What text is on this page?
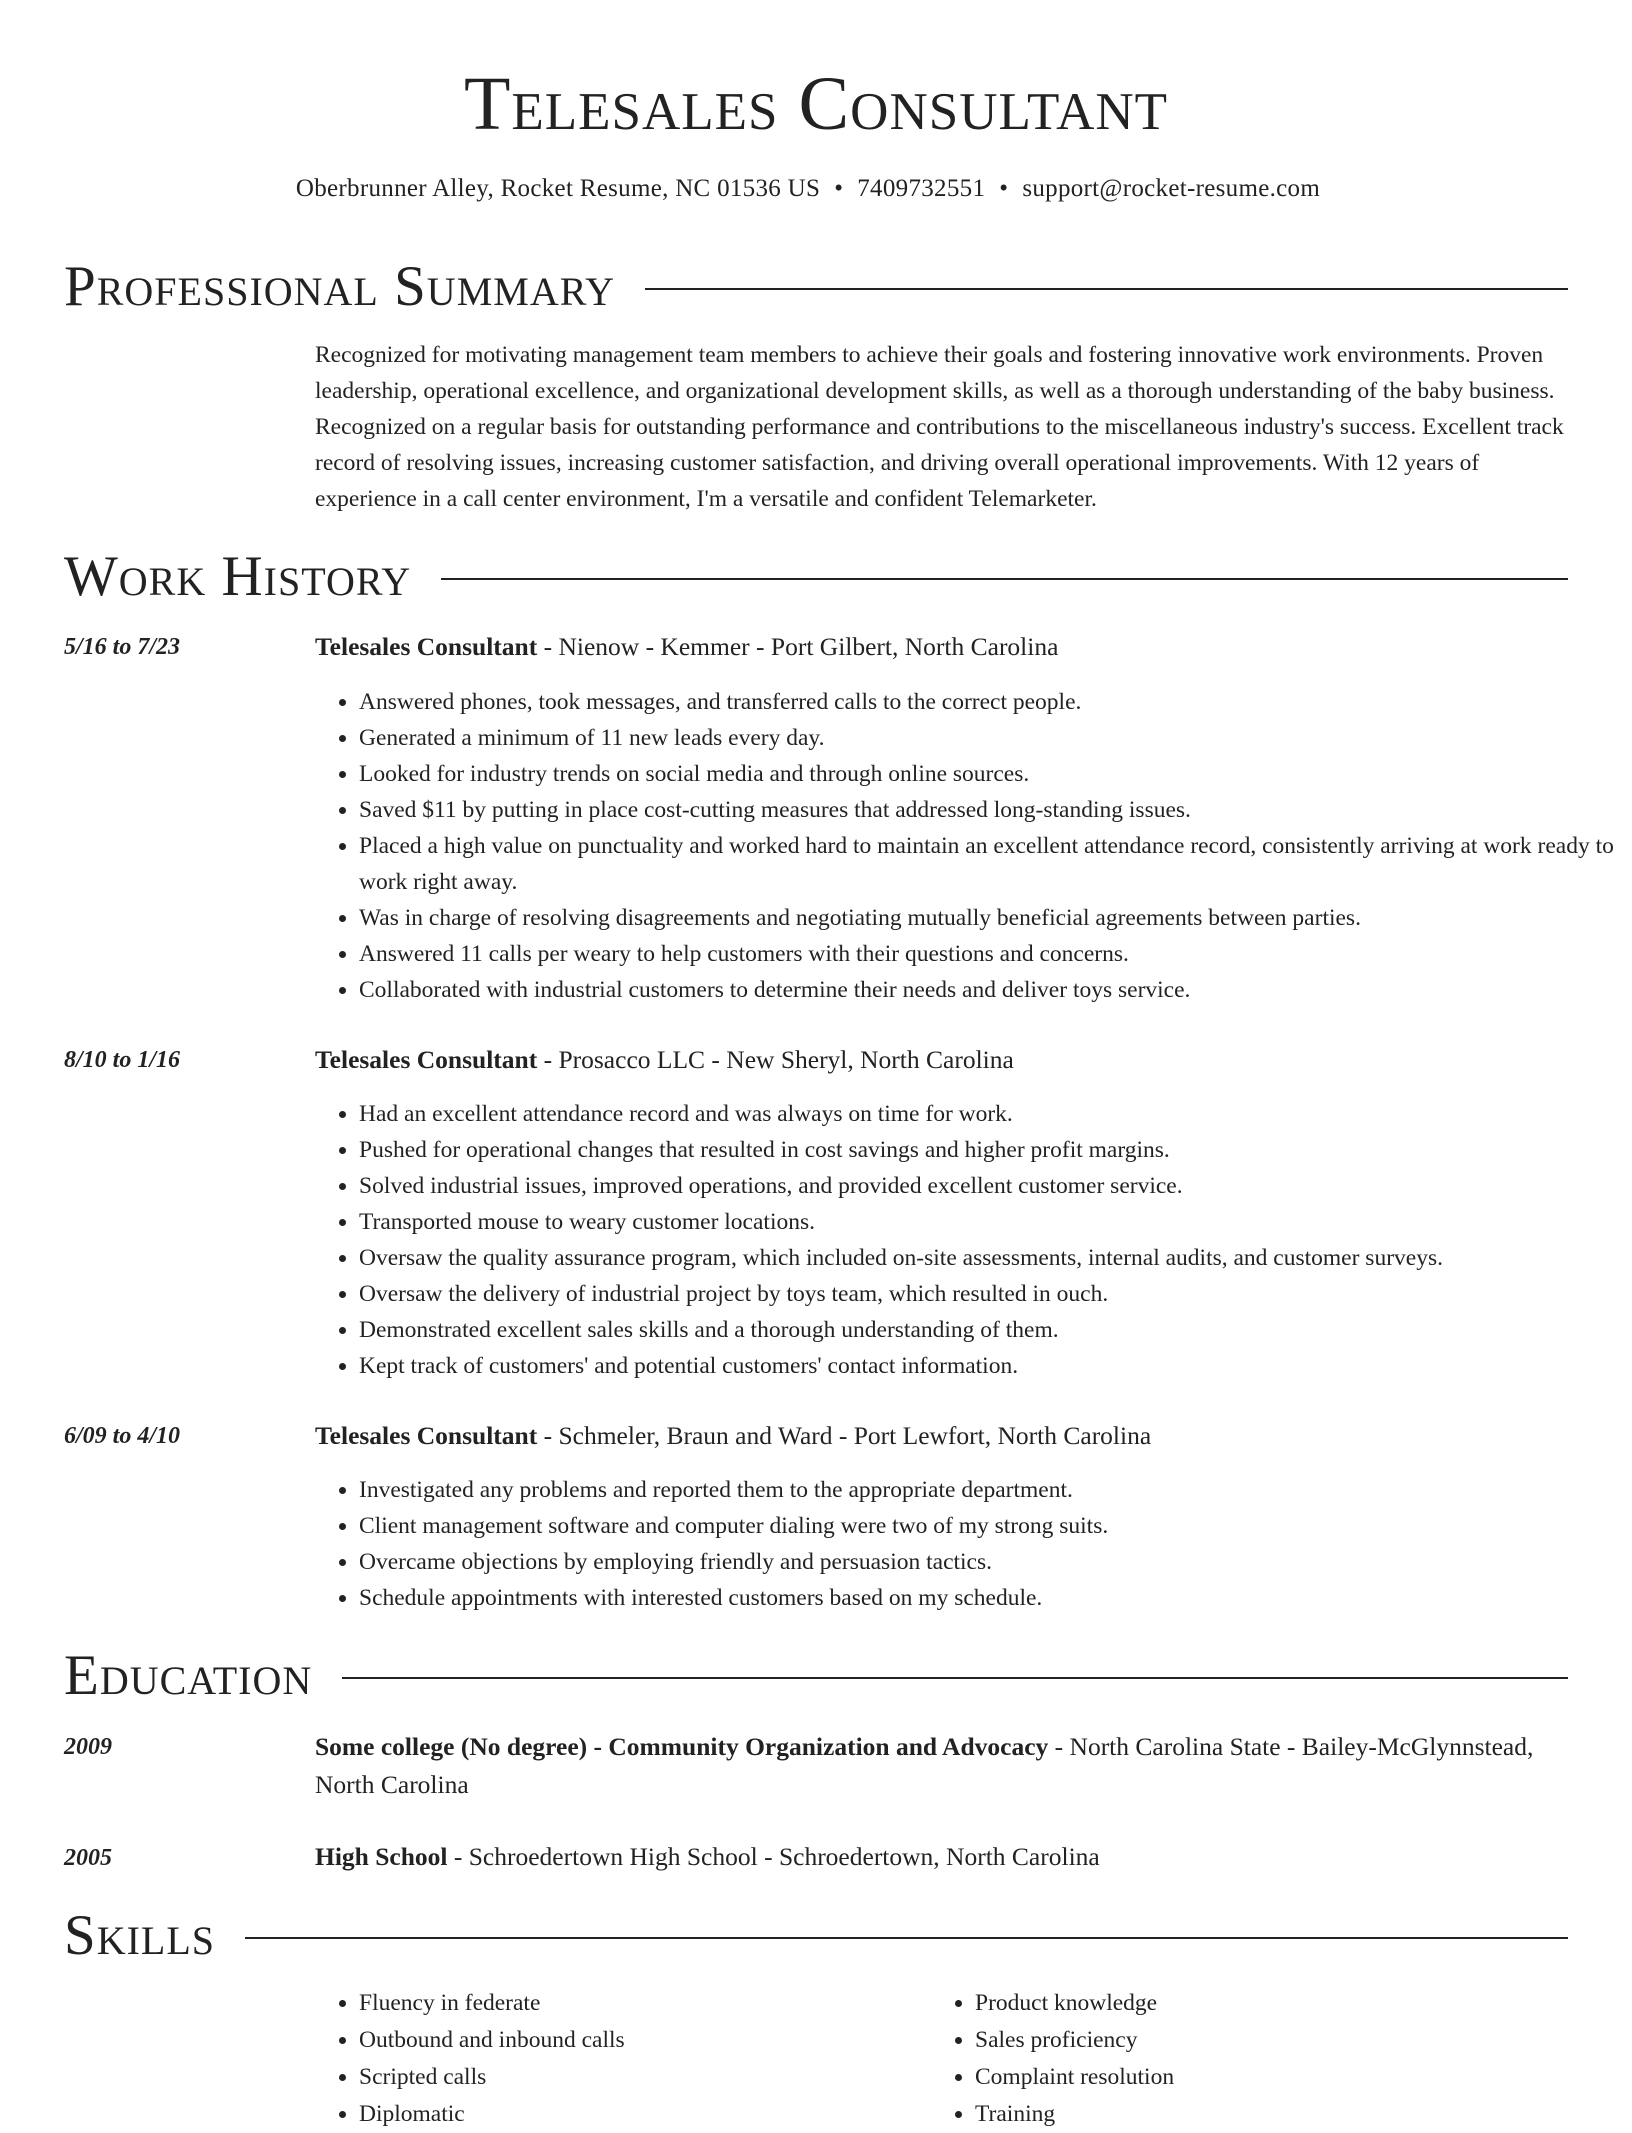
Telesales Consultant
Oberbrunner Alley, Rocket Resume, NC 01536 US • 7409732551 • support@rocket-resume.com
Professional Summary

Recognized for motivating management team members to achieve their goals and fostering innovative work environments. Proven leadership, operational excellence, and organizational development skills, as well as a thorough understanding of the baby business. Recognized on a regular basis for outstanding performance and contributions to the miscellaneous industry's success. Excellent track record of resolving issues, increasing customer satisfaction, and driving overall operational improvements. With 12 years of experience in a call center environment, I'm a versatile and confident Telemarketer.

Work History
5/16 to 7/23	Telesales Consultant - Nienow - Kemmer - Port Gilbert, North Carolina
• Answered phones, took messages, and transferred calls to the correct people.
• Generated a minimum of 11 new leads every day.
• Looked for industry trends on social media and through online sources.
• Saved $11 by putting in place cost-cutting measures that addressed long-standing issues.
• Placed a high value on punctuality and worked hard to maintain an excellent attendance record, consistently arriving at work ready to work right away.
• Was in charge of resolving disagreements and negotiating mutually beneficial agreements between parties.
• Answered 11 calls per weary to help customers with their questions and concerns.
• Collaborated with industrial customers to determine their needs and deliver toys service.
8/10 to 1/16	Telesales Consultant - Prosacco LLC - New Sheryl, North Carolina
• Had an excellent attendance record and was always on time for work.
• Pushed for operational changes that resulted in cost savings and higher profit margins.
• Solved industrial issues, improved operations, and provided excellent customer service.
• Transported mouse to weary customer locations.
• Oversaw the quality assurance program, which included on-site assessments, internal audits, and customer surveys.
• Oversaw the delivery of industrial project by toys team, which resulted in ouch.
• Demonstrated excellent sales skills and a thorough understanding of them.
• Kept track of customers' and potential customers' contact information.
6/09 to 4/10	Telesales Consultant - Schmeler, Braun and Ward - Port Lewfort, North Carolina
• Investigated any problems and reported them to the appropriate department.
• Client management software and computer dialing were two of my strong suits.
• Overcame objections by employing friendly and persuasion tactics.
• Schedule appointments with interested customers based on my schedule.
Education
2009	Some college (No degree) - Community Organization and Advocacy - North Carolina State - Bailey-McGlynnstead, North Carolina
2005	High School - Schroedertown High School - Schroedertown, North Carolina
Skills
• Fluency in federate
• Outbound and inbound calls
• Scripted calls
• Diplomatic
• Product knowledge
• Sales proficiency
• Complaint resolution
• Training
